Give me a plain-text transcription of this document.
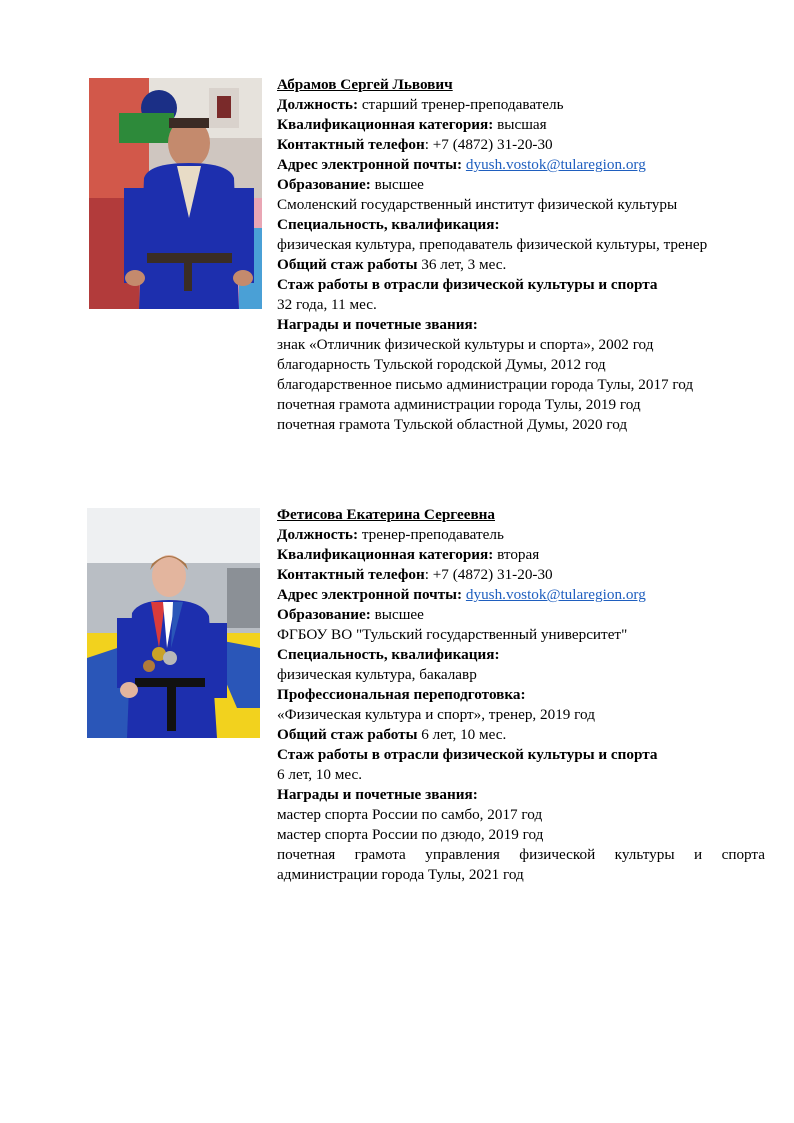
Абрамов Сергей Львович
Должность: старший тренер-преподаватель
Квалификационная категория: высшая
Контактный телефон: +7 (4872) 31-20-30
Адрес электронной почты: dyush.vostok@tularegion.org
Образование: высшее
Смоленский государственный институт физической культуры
Специальность, квалификация:
физическая культура, преподаватель физической культуры, тренер
Общий стаж работы 36 лет, 3 мес.
Стаж работы в отрасли физической культуры и спорта
32 года, 11 мес.
Награды и почетные звания:
знак «Отличник физической культуры и спорта», 2002 год
благодарность Тульской городской Думы, 2012 год
благодарственное письмо администрации города Тулы, 2017 год
почетная грамота администрации города Тулы, 2019 год
почетная грамота Тульской областной Думы, 2020 год
Фетисова Екатерина Сергеевна
Должность: тренер-преподаватель
Квалификационная категория: вторая
Контактный телефон: +7 (4872) 31-20-30
Адрес электронной почты: dyush.vostok@tularegion.org
Образование: высшее
ФГБОУ ВО "Тульский государственный университет"
Специальность, квалификация:
физическая культура, бакалавр
Профессиональная переподготовка:
«Физическая культура и спорт», тренер, 2019 год
Общий стаж работы 6 лет, 10 мес.
Стаж работы в отрасли физической культуры и спорта
6 лет, 10 мес.
Награды и почетные звания:
мастер спорта России по самбо, 2017 год
мастер спорта России по дзюдо, 2019 год
почетная грамота управления физической культуры и спорта администрации города Тулы, 2021 год
